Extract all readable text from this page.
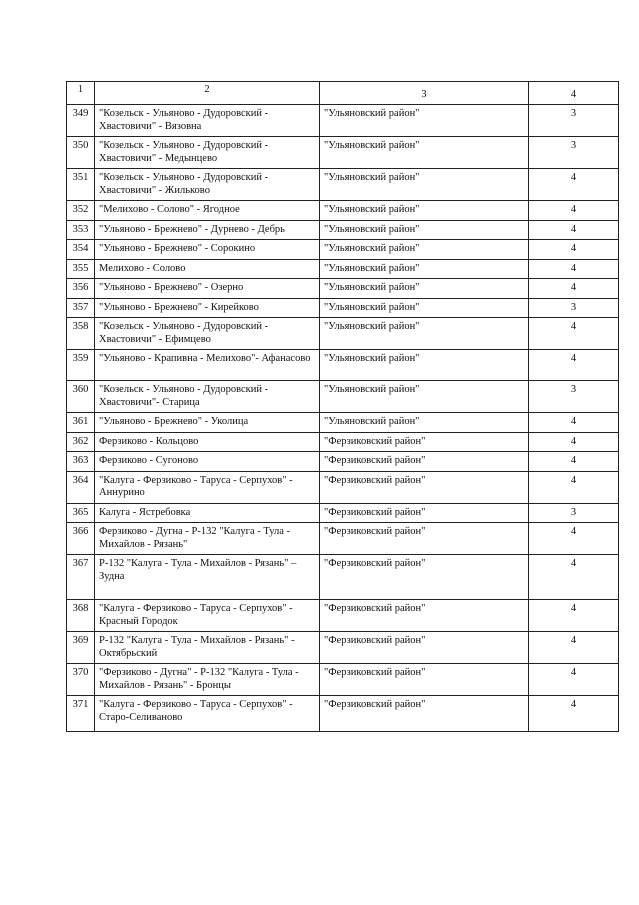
1	2	3	4
349	"Козельск - Ульяново - Дудоровский - Хвастовичи" - Вязовна	"Ульяновский район"	3
350	"Козельск - Ульяново - Дудоровский - Хвастовичи" - Медынцево	"Ульяновский район"	3
351	"Козельск - Ульяново - Дудоровский - Хвастовичи" - Жильково	"Ульяновский район"	4
352	"Мелихово - Солово" - Ягодное	"Ульяновский район"	4
353	"Ульяново - Брежнево" - Дурнево - Дебрь	"Ульяновский район"	4
354	"Ульяново - Брежнево" - Сорокино	"Ульяновский район"	4
355	Мелихово - Солово	"Ульяновский район"	4
356	"Ульяново - Брежнево" - Озерно	"Ульяновский район"	4
357	"Ульяново - Брежнево" - Кирейково	"Ульяновский район"	3
358	"Козельск - Ульяново - Дудоровский - Хвастовичи" - Ефимцево	"Ульяновский район"	4
359	"Ульяново - Крапивна - Мелихово"- Афанасово	"Ульяновский район"	4
360	"Козельск - Ульяново - Дудоровский - Хвастовичи"- Старица	"Ульяновский район"	3
361	"Ульяново - Брежнево" - Уколица	"Ульяновский район"	4
362	Ферзиково - Кольцово	"Ферзиковский район"	4
363	Ферзиково - Сугоново	"Ферзиковский район"	4
364	"Калуга - Ферзиково - Таруса - Серпухов" - Аннурино	"Ферзиковский район"	4
365	Калуга - Ястребовка	"Ферзиковский район"	3
366	Ферзиково - Дугна - Р-132 "Калуга - Тула - Михайлов - Рязань"	"Ферзиковский район"	4
367	Р-132 "Калуга - Тула - Михайлов - Рязань" – Зудна	"Ферзиковский район"	4
368	"Калуга - Ферзиково - Таруса - Серпухов" - Красный Городок	"Ферзиковский район"	4
369	Р-132 "Калуга - Тула - Михайлов - Рязань" - Октябрьский	"Ферзиковский район"	4
370	"Ферзиково - Дугна" - Р-132 "Калуга - Тула - Михайлов - Рязань" - Бронцы	"Ферзиковский район"	4
371	"Калуга - Ферзиково - Таруса - Серпухов" - Старо-Селиваново	"Ферзиковский район"	4
